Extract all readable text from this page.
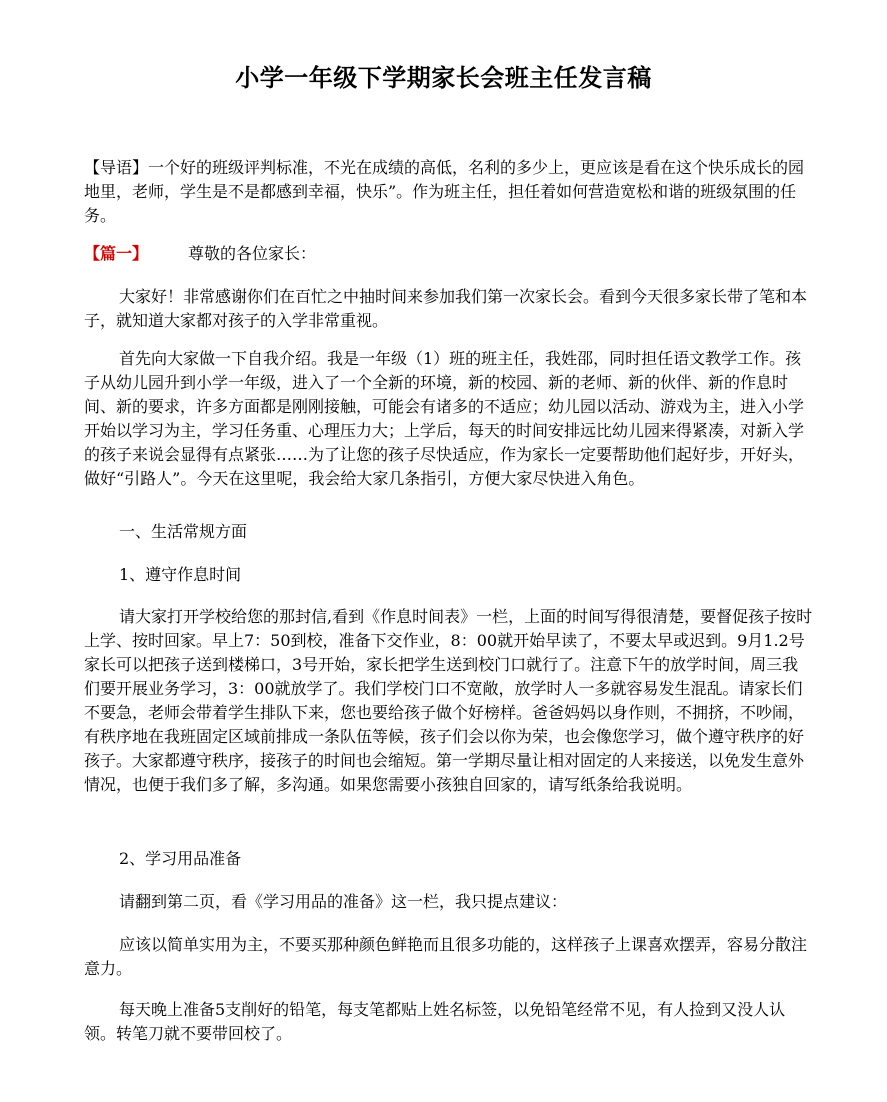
小学一年级下学期家长会班主任发言稿

【导语】一个好的班级评判标准，不光在成绩的高低，名利的多少上，更应该是看在这个快乐成长的园地里，老师，学生是不是都感到幸福，快乐”。作为班主任，担任着如何营造宽松和谐的班级氛围的任务。

【篇一】	尊敬的各位家长：

大家好！非常感谢你们在百忙之中抽时间来参加我们第一次家长会。看到今天很多家长带了笔和本子，就知道大家都对孩子的入学非常重视。

首先向大家做一下自我介绍。我是一年级（1）班的班主任，我姓邵，同时担任语文教学工作。孩子从幼儿园升到小学一年级，进入了一个全新的环境，新的校园、新的老师、新的伙伴、新的作息时间、新的要求，许多方面都是刚刚接触，可能会有诸多的不适应；幼儿园以活动、游戏为主，进入小学开始以学习为主，学习任务重、心理压力大；上学后，每天的时间安排远比幼儿园来得紧凑，对新入学的孩子来说会显得有点紧张……为了让您的孩子尽快适应，作为家长一定要帮助他们起好步，开好头，做好“引路人”。今天在这里呢，我会给大家几条指引，方便大家尽快进入角色。

一、生活常规方面

1、遵守作息时间

请大家打开学校给您的那封信,看到《作息时间表》一栏，上面的时间写得很清楚，要督促孩子按时上学、按时回家。早上7：50到校，准备下交作业，8：00就开始早读了，不要太早或迟到。9月1.2号家长可以把孩子送到楼梯口，3号开始，家长把学生送到校门口就行了。注意下午的放学时间，周三我们要开展业务学习，3：00就放学了。我们学校门口不宽敞，放学时人一多就容易发生混乱。请家长们不要急，老师会带着学生排队下来，您也要给孩子做个好榜样。爸爸妈妈以身作则，不拥挤，不吵闹，有秩序地在我班固定区域前排成一条队伍等候，孩子们会以你为荣，也会像您学习，做个遵守秩序的好孩子。大家都遵守秩序，接孩子的时间也会缩短。第一学期尽量让相对固定的人来接送，以免发生意外情况，也便于我们多了解，多沟通。如果您需要小孩独自回家的，请写纸条给我说明。

2、学习用品准备

请翻到第二页，看《学习用品的准备》这一栏，我只提点建议：

应该以简单实用为主，不要买那种颜色鲜艳而且很多功能的，这样孩子上课喜欢摆弄，容易分散注意力。

每天晚上准备5支削好的铅笔，每支笔都贴上姓名标签，以免铅笔经常不见，有人捡到又没人认领。转笔刀就不要带回校了。
